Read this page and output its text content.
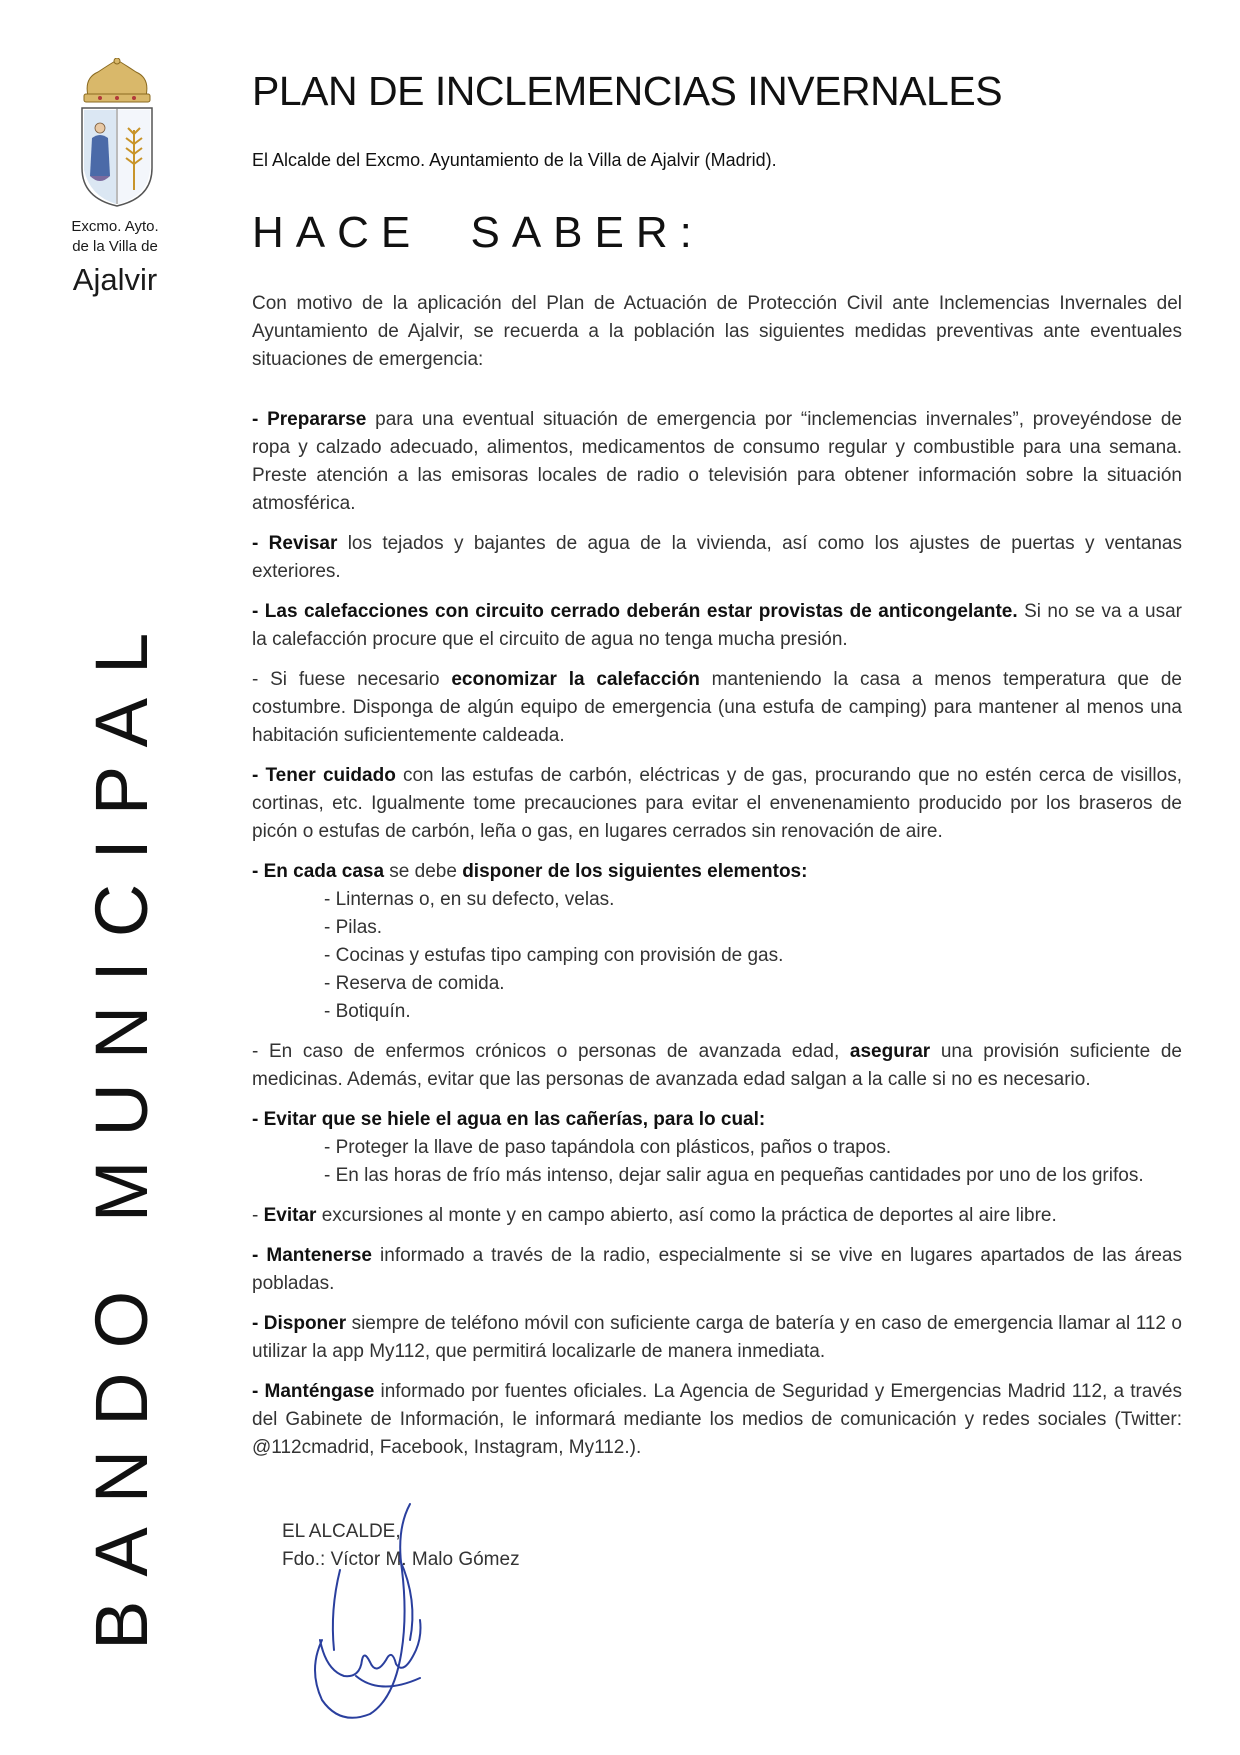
Excmo. Ayto.
de la Villa de
Ajalvir
BANDO MUNICIPAL
PLAN DE INCLEMENCIAS INVERNALES

El Alcalde del Excmo. Ayuntamiento de la Villa de Ajalvir (Madrid).

HACE SABER:

Con motivo de la aplicación del Plan de Actuación de Protección Civil ante Inclemencias Invernales del Ayuntamiento de Ajalvir, se recuerda a la población las siguientes medidas preventivas ante eventuales situaciones de emergencia:

- Prepararse para una eventual situación de emergencia por “inclemencias invernales”, proveyéndose de ropa y calzado adecuado, alimentos, medicamentos de consumo regular y combustible para una semana. Preste atención a las emisoras locales de radio o televisión para obtener información sobre la situación atmosférica.

- Revisar los tejados y bajantes de agua de la vivienda, así como los ajustes de puertas y ventanas exteriores.

- Las calefacciones con circuito cerrado deberán estar provistas de anticongelante. Si no se va a usar la calefacción procure que el circuito de agua no tenga mucha presión.

- Si fuese necesario economizar la calefacción manteniendo la casa a menos temperatura que de costumbre. Disponga de algún equipo de emergencia (una estufa de camping) para mantener al menos una habitación suficientemente caldeada.

- Tener cuidado con las estufas de carbón, eléctricas y de gas, procurando que no estén cerca de visillos, cortinas, etc. Igualmente tome precauciones para evitar el envenenamiento producido por los braseros de picón o estufas de carbón, leña o gas, en lugares cerrados sin renovación de aire.

- En cada casa se debe disponer de los siguientes elementos:

- Linternas o, en su defecto, velas.
- Pilas.
- Cocinas y estufas tipo camping con provisión de gas.
- Reserva de comida.
- Botiquín.

- En caso de enfermos crónicos o personas de avanzada edad, asegurar una provisión suficiente de medicinas. Además, evitar que las personas de avanzada edad salgan a la calle si no es necesario.

- Evitar que se hiele el agua en las cañerías, para lo cual:

- Proteger la llave de paso tapándola con plásticos, paños o trapos.
- En las horas de frío más intenso, dejar salir agua en pequeñas cantidades por uno de los grifos.

- Evitar excursiones al monte y en campo abierto, así como la práctica de deportes al aire libre.

- Mantenerse informado a través de la radio, especialmente si se vive en lugares apartados de las áreas pobladas.

- Disponer siempre de teléfono móvil con suficiente carga de batería y en caso de emergencia llamar al 112 o utilizar la app My112, que permitirá localizarle de manera inmediata.

- Manténgase informado por fuentes oficiales. La Agencia de Seguridad y Emergencias Madrid 112, a través del Gabinete de Información, le informará mediante los medios de comunicación y redes sociales (Twitter: @112cmadrid, Facebook, Instagram, My112.).

EL ALCALDE,
Fdo.: Víctor M. Malo Gómez
